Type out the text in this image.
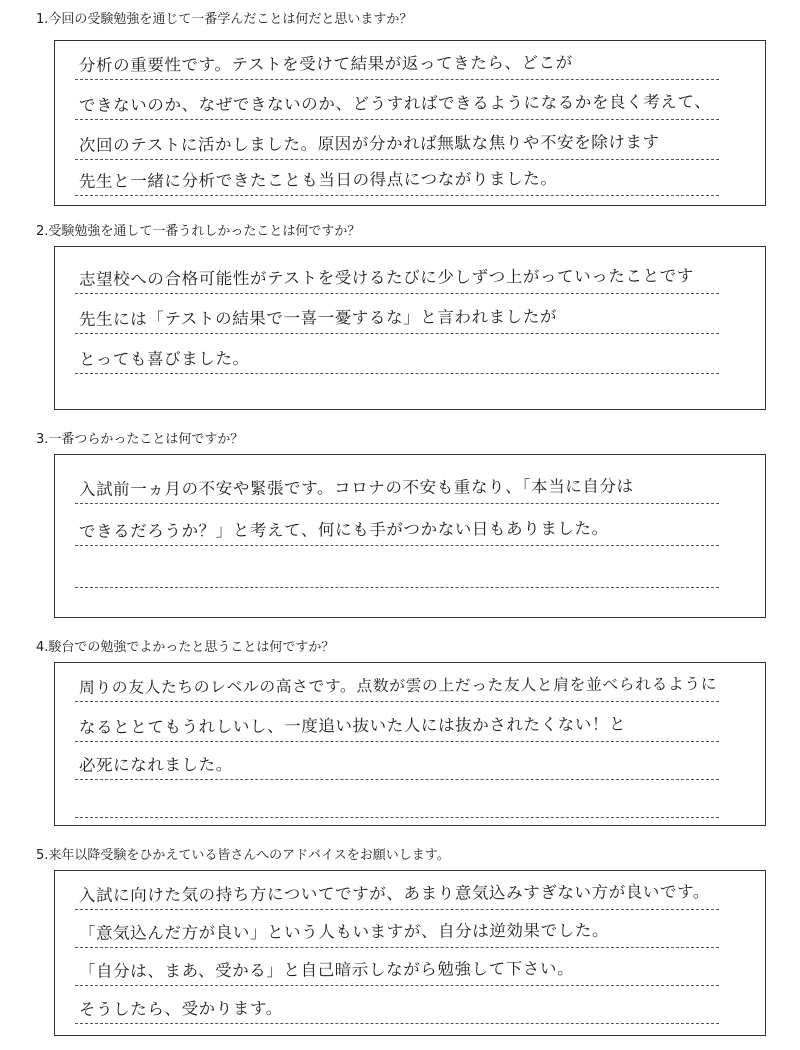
1.今回の受験勉強を通じて一番学んだことは何だと思いますか？
分析の重要性です。テストを受けて結果が返ってきたら、どこが
できないのか、なぜできないのか、どうすればできるようになるかを良く考えて、
次回のテストに活かしました。原因が分かれば無駄な焦りや不安を除けます
先生と一緒に分析できたことも当日の得点につながりました。
2.受験勉強を通して一番うれしかったことは何ですか？
志望校への合格可能性がテストを受けるたびに少しずつ上がっていったことです
先生には「テストの結果で一喜一憂するな」と言われましたが
とっても喜びました。
3.一番つらかったことは何ですか？
入試前一ヵ月の不安や緊張です。コロナの不安も重なり、「本当に自分は
できるだろうか？」と考えて、何にも手がつかない日もありました。
4.駿台での勉強でよかったと思うことは何ですか？
周りの友人たちのレベルの高さです。点数が雲の上だった友人と肩を並べられるように
なるととてもうれしいし、一度追い抜いた人には抜かされたくない！と
必死になれました。
5.来年以降受験をひかえている皆さんへのアドバイスをお願いします。
入試に向けた気の持ち方についてですが、あまり意気込みすぎない方が良いです。
「意気込んだ方が良い」という人もいますが、自分は逆効果でした。
「自分は、まあ、受かる」と自己暗示しながら勉強して下さい。
そうしたら、受かります。
